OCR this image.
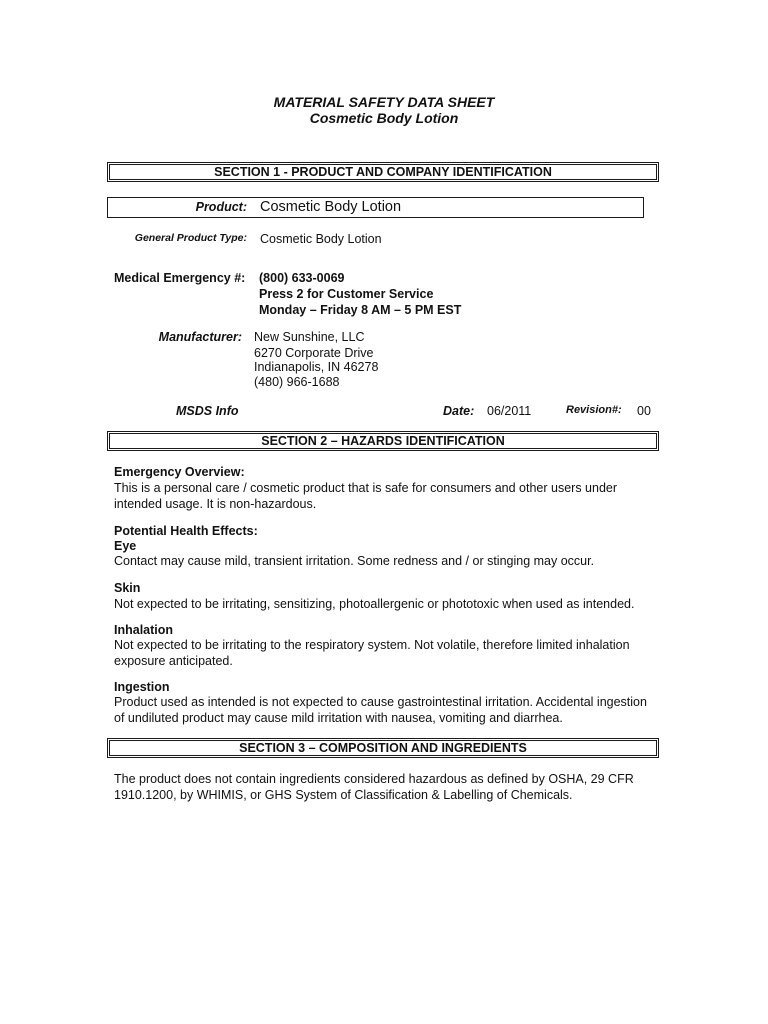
MATERIAL SAFETY DATA SHEET
Cosmetic Body Lotion
SECTION 1 - PRODUCT AND COMPANY IDENTIFICATION
Product: Cosmetic Body Lotion
General Product Type: Cosmetic Body Lotion
Medical Emergency #: (800) 633-0069
Press 2 for Customer Service
Monday – Friday 8 AM – 5 PM EST
Manufacturer: New Sunshine, LLC
6270 Corporate Drive
Indianapolis, IN 46278
(480) 966-1688
MSDS Info	Date: 06/2011	Revision#: 00
SECTION 2 – HAZARDS IDENTIFICATION
Emergency Overview:
This is a personal care / cosmetic product that is safe for consumers and other users under intended usage. It is non-hazardous.
Potential Health Effects:
Eye
Contact may cause mild, transient irritation. Some redness and / or stinging may occur.
Skin
Not expected to be irritating, sensitizing, photoallergenic or phototoxic when used as intended.
Inhalation
Not expected to be irritating to the respiratory system. Not volatile, therefore limited inhalation exposure anticipated.
Ingestion
Product used as intended is not expected to cause gastrointestinal irritation. Accidental ingestion of undiluted product may cause mild irritation with nausea, vomiting and diarrhea.
SECTION 3 – COMPOSITION AND INGREDIENTS
The product does not contain ingredients considered hazardous as defined by OSHA, 29 CFR 1910.1200, by WHIMIS, or GHS System of Classification & Labelling of Chemicals.
